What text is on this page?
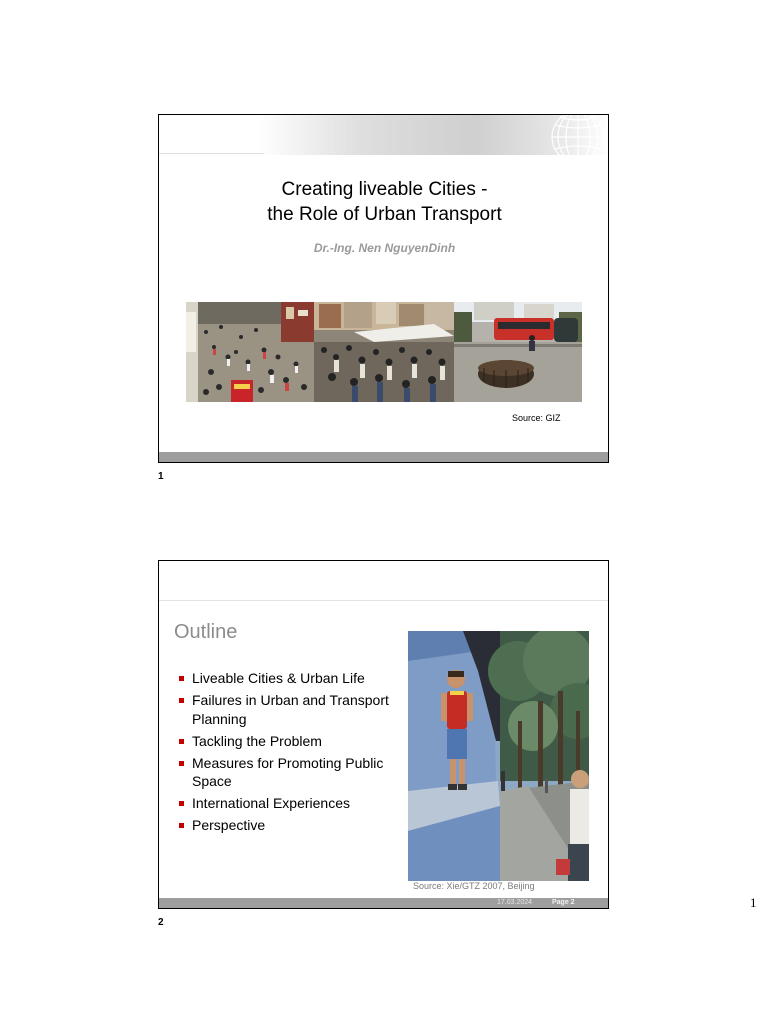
Creating liveable Cities -
the Role of Urban Transport
Dr.-Ing. Nen NguyenDinh
Source: GIZ
1
Outline
Liveable Cities & Urban Life
Failures in Urban and Transport Planning
Tackling the Problem
Measures for Promoting Public Space
International Experiences
Perspective
Source: Xie/GTZ 2007, Beijing
17.03.2024	Page 2
2
1
